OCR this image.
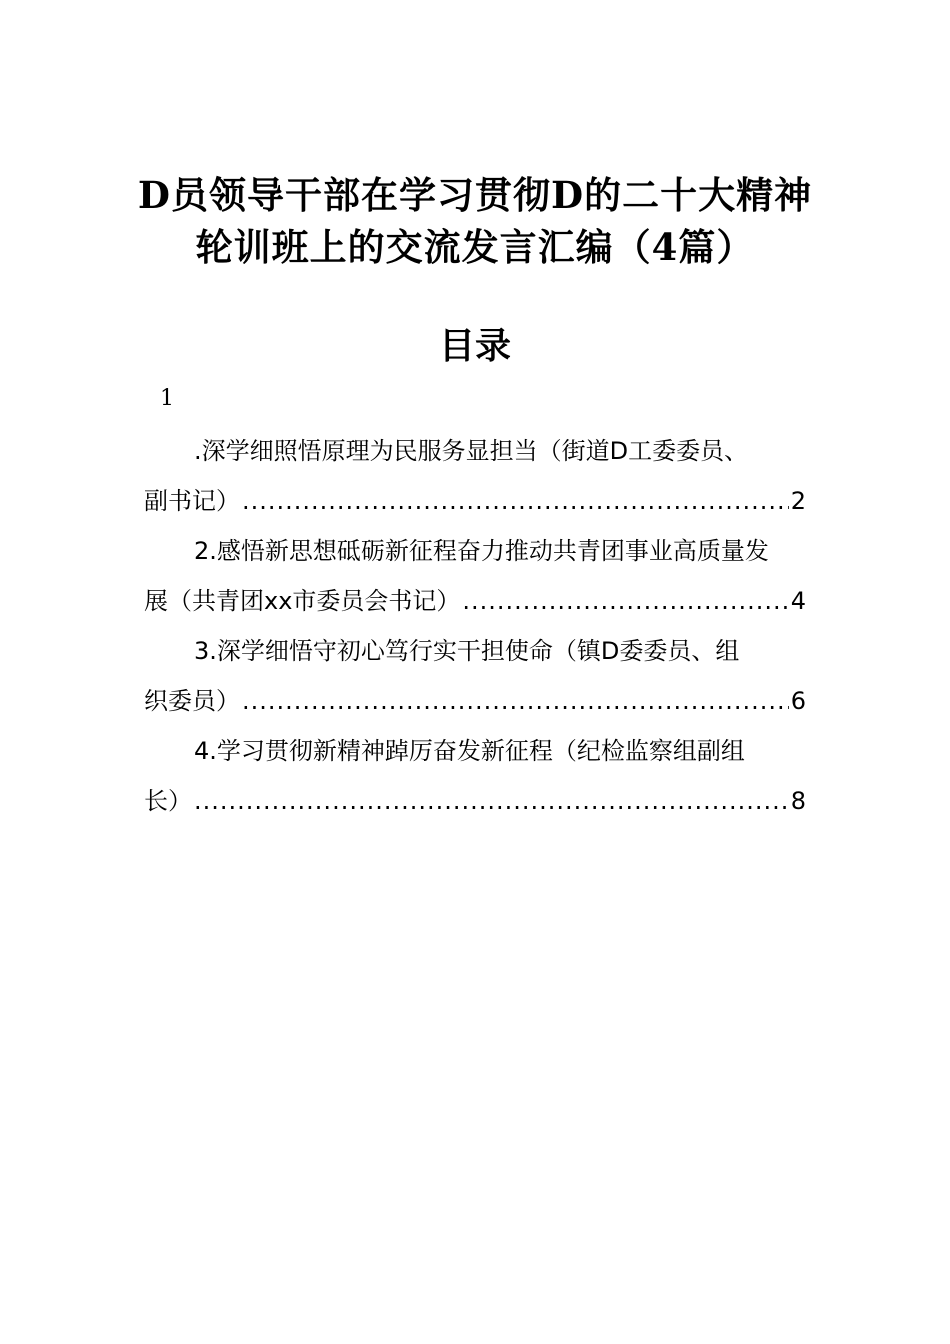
D员领导干部在学习贯彻D的二十大精神
轮训班上的交流发言汇编（4篇）
目录
1
.深学细照悟原理为民服务显担当（街道D工委委员、
副书记） .....	2
2.感悟新思想砥砺新征程奋力推动共青团事业高质量发
展（共青团xx市委员会书记） .....	4
3.深学细悟守初心笃行实干担使命（镇D委委员、组
织委员） .....	6
4.学习贯彻新精神踔厉奋发新征程（纪检监察组副组
长） .....	8
